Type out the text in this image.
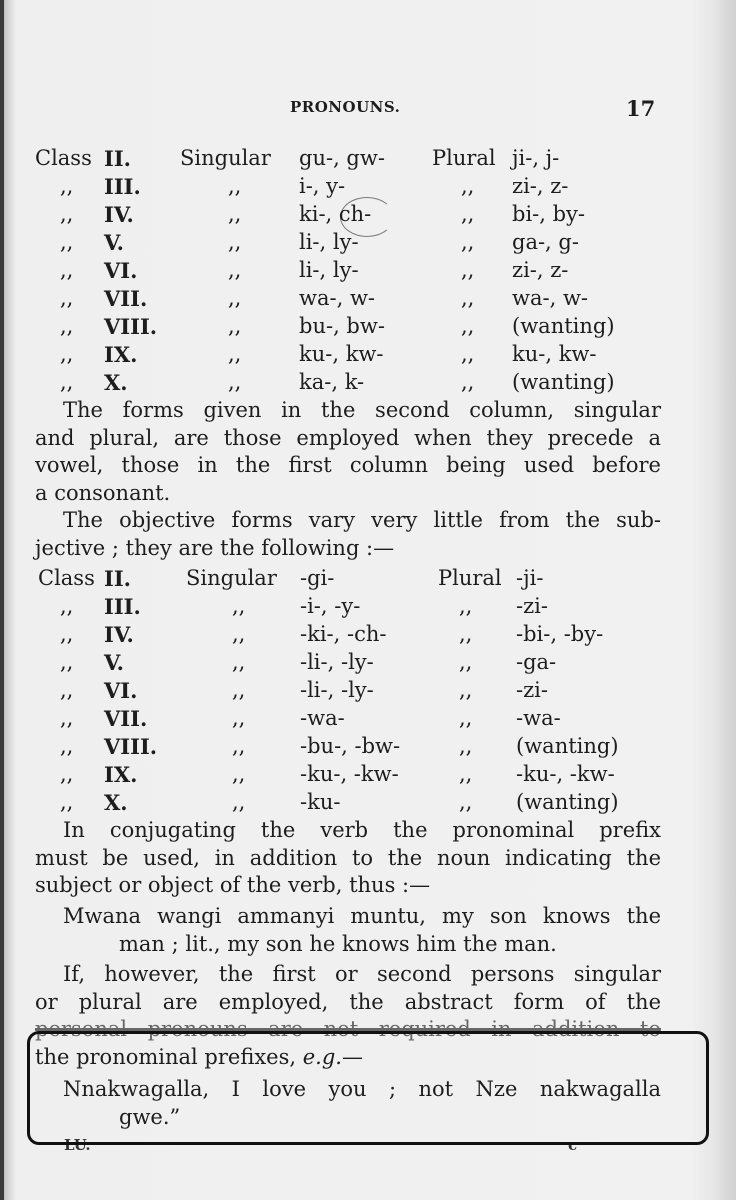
PRONOUNS.	17
Class II. Singular gu-, gw- Plural ji-, j-
,, III.	,,	i-, y-	,, zi-, z-
,, IV.	,,	ki-, ch-	,, bi-, by-
,, V.	,,	li-, ly-	,, ga-, g-
,, VI.	,,	li-, ly-	,, zi-, z-
,, VII.	,,	wa-, w-	,, wa-, w-
,, VIII.	,,	bu-, bw-	,, (wanting)
,, IX.	,,	ku-, kw-	,, ku-, kw-
,, X.	,,	ka-, k-	,, (wanting)

The forms given in the second column, singular

and plural, are those employed when they precede a

vowel, those in the first column being used before

a consonant.

The objective forms vary very little from the sub-

jective ; they are the following :—

Class II.	Singular -gi-	Plural -ji-
,, III.	,,	-i-, -y-	,, -zi-
,, IV.	,,	-ki-, -ch-	,, -bi-, -by-
,, V.	,,	-li-, -ly-	,, -ga-
,, VI.	,,	-li-, -ly-	,, -zi-
,, VII.	,,	-wa-	,, -wa-
,, VIII.	,,	-bu-, -bw-	,, (wanting)
,, IX.	,,	-ku-, -kw-	,, -ku-, -kw-
,, X.	,,	-ku-	,, (wanting)

In conjugating the verb the pronominal prefix

must be used, in addition to the noun indicating the

subject or object of the verb, thus :—

Mwana wangi ammanyi muntu, my son knows the

man ; lit., my son he knows him the man.

If, however, the first or second persons singular

or plural are employed, the abstract form of the

personal pronouns are not required in addition to

the pronominal prefixes, e.g.—

Nnakwagalla, I love you ; not Nze nakwagalla

gwe.”

LU.	c
